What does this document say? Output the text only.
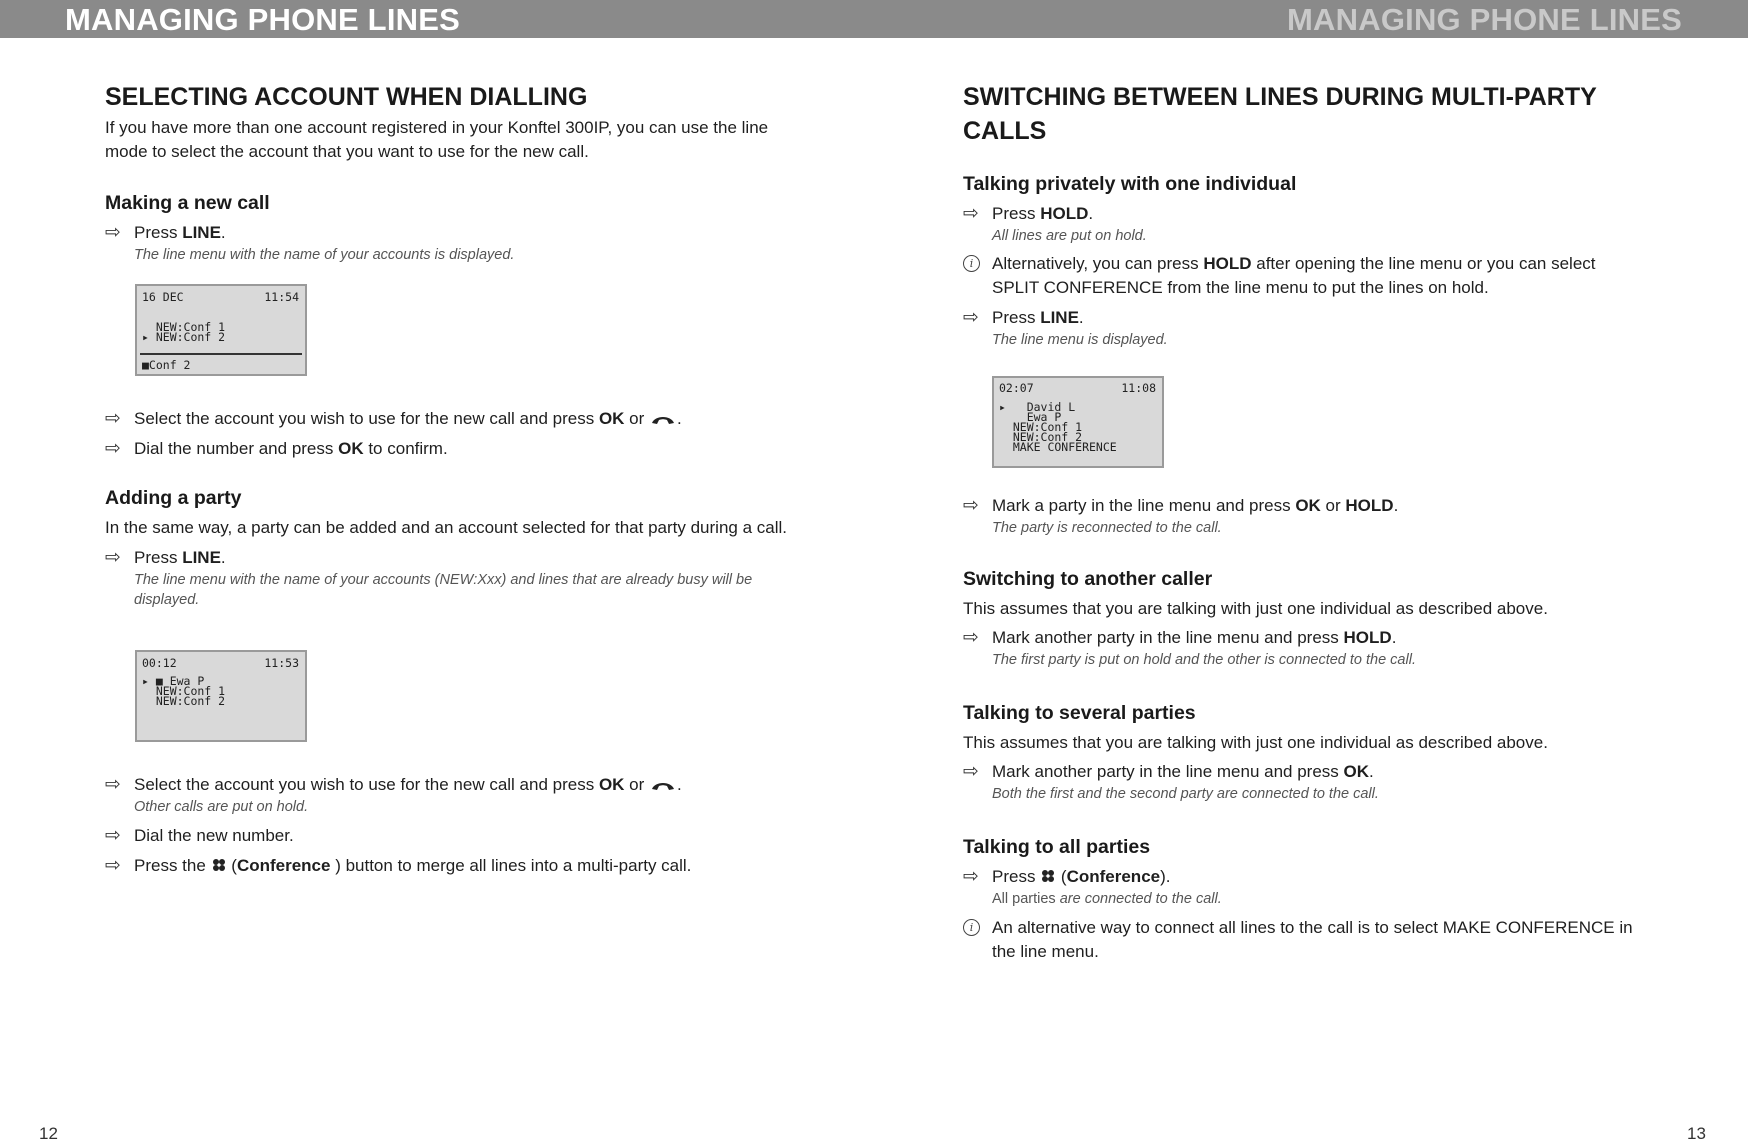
MANAGING PHONE LINES	MANAGING PHONE LINES
SELECTING ACCOUNT WHEN DIALLING

If you have more than one account registered in your Konftel 300IP, you can use the line mode to select the account that you want to use for the new call.

Making a new call
⇨ Press LINE.
The line menu with the name of your accounts is displayed.
16 DEC	11:54
NEW:Conf 1
▸ NEW:Conf 2
■Conf 2
⇨ Select the account you wish to use for the new call and press OK or .
⇨ Dial the number and press OK to confirm.
Adding a party

In the same way, a party can be added and an account selected for that party during a call.

⇨ Press LINE.
The line menu with the name of your accounts (NEW:Xxx) and lines that are already busy will be displayed.
00:12	11:53
▸ ■ Ewa P
NEW:Conf 1
NEW:Conf 2
⇨ Select the account you wish to use for the new call and press OK or .
Other calls are put on hold.
⇨ Dial the new number.
⇨ Press the  (Conference ) button to merge all lines into a multi-party call.
12
SWITCHING BETWEEN LINES DURING MULTI-PARTY
CALLS
Talking privately with one individual
⇨ Press HOLD.
All lines are put on hold.
i	Alternatively, you can press HOLD after opening the line menu or you can select SPLIT CONFERENCE from the line menu to put the lines on hold.
⇨ Press LINE.
The line menu is displayed.
02:07	11:08
▸   David L
Ewa P
NEW:Conf 1
NEW:Conf 2
MAKE CONFERENCE
⇨ Mark a party in the line menu and press OK or HOLD.
The party is reconnected to the call.
Switching to another caller

This assumes that you are talking with just one individual as described above.

⇨ Mark another party in the line menu and press HOLD.
The first party is put on hold and the other is connected to the call.
Talking to several parties

This assumes that you are talking with just one individual as described above.

⇨ Mark another party in the line menu and press OK.
Both the first and the second party are connected to the call.
Talking to all parties
⇨ Press  (Conference).
All parties are connected to the call.
i	An alternative way to connect all lines to the call is to select MAKE CONFERENCE in the line menu.
13
